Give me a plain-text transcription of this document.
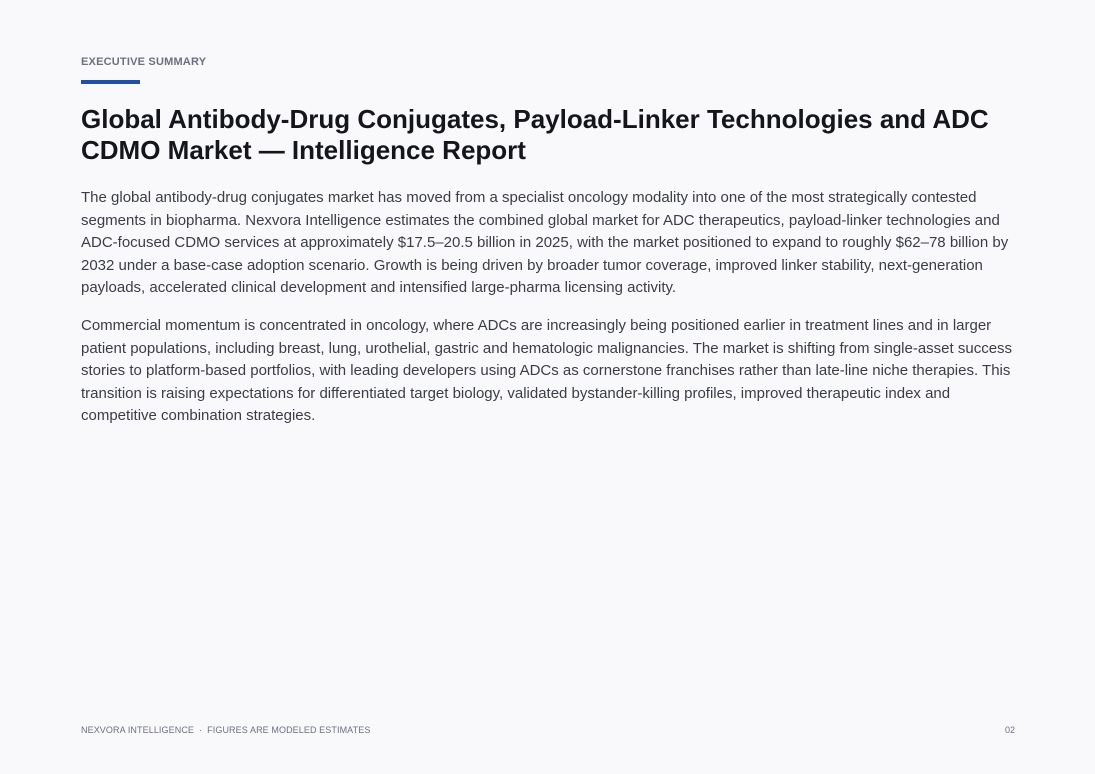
EXECUTIVE SUMMARY
Global Antibody-Drug Conjugates, Payload-Linker Technologies and ADC CDMO Market — Intelligence Report

The global antibody-drug conjugates market has moved from a specialist oncology modality into one of the most strategically contested segments in biopharma. Nexvora Intelligence estimates the combined global market for ADC therapeutics, payload-linker technologies and ADC-focused CDMO services at approximately $17.5–20.5 billion in 2025, with the market positioned to expand to roughly $62–78 billion by 2032 under a base-case adoption scenario. Growth is being driven by broader tumor coverage, improved linker stability, next-generation payloads, accelerated clinical development and intensified large-pharma licensing activity.

Commercial momentum is concentrated in oncology, where ADCs are increasingly being positioned earlier in treatment lines and in larger patient populations, including breast, lung, urothelial, gastric and hematologic malignancies. The market is shifting from single-asset success stories to platform-based portfolios, with leading developers using ADCs as cornerstone franchises rather than late-line niche therapies. This transition is raising expectations for differentiated target biology, validated bystander-killing profiles, improved therapeutic index and competitive combination strategies.

NEXVORA INTELLIGENCE · FIGURES ARE MODELED ESTIMATES	02
